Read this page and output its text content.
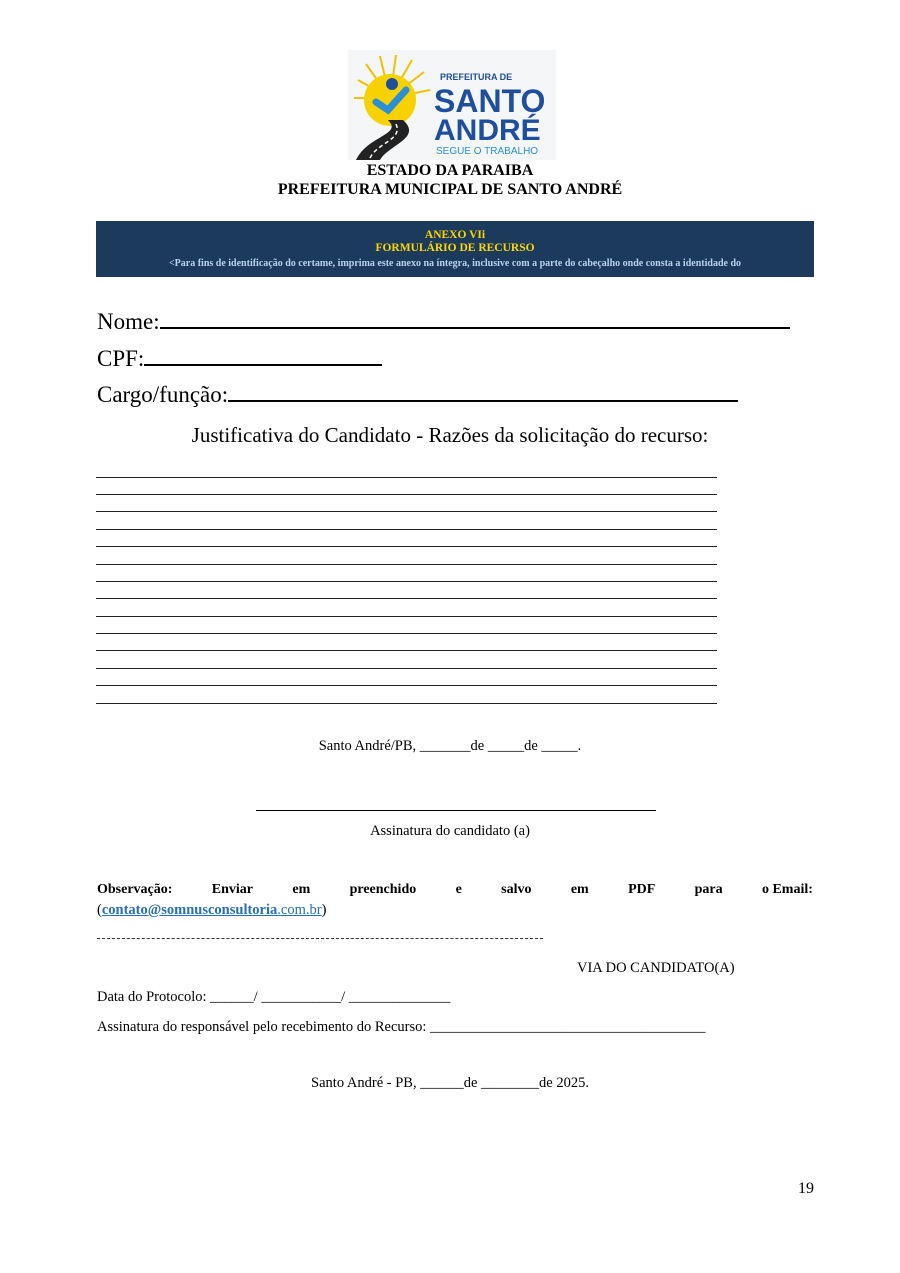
PREFEITURA DE
SANTO
ANDRÉ
SEGUE O TRABALHO
ESTADO DA PARAIBA
PREFEITURA MUNICIPAL DE SANTO ANDRÉ
ANEXO VIi
FORMULÁRIO DE RECURSO
<Para fins de identificação do certame, imprima este anexo na íntegra, inclusive com a parte do cabeçalho onde consta a identidade do
Nome:
CPF:
Cargo/função:
Justificativa do Candidato - Razões da solicitação do recurso:
Santo André/PB, _______de _____de _____.
Assinatura do candidato (a)
Observação:	Enviar	em	preenchido	e	salvo	em	PDF	para	o Email:
(contato@somnusconsultoria.com.br)
VIA DO CANDIDATO(A)
Data do Protocolo: ______/ ___________/ ______________
Assinatura do responsável pelo recebimento do Recurso: ______________________________________
Santo André - PB, ______de ________de 2025.
19
